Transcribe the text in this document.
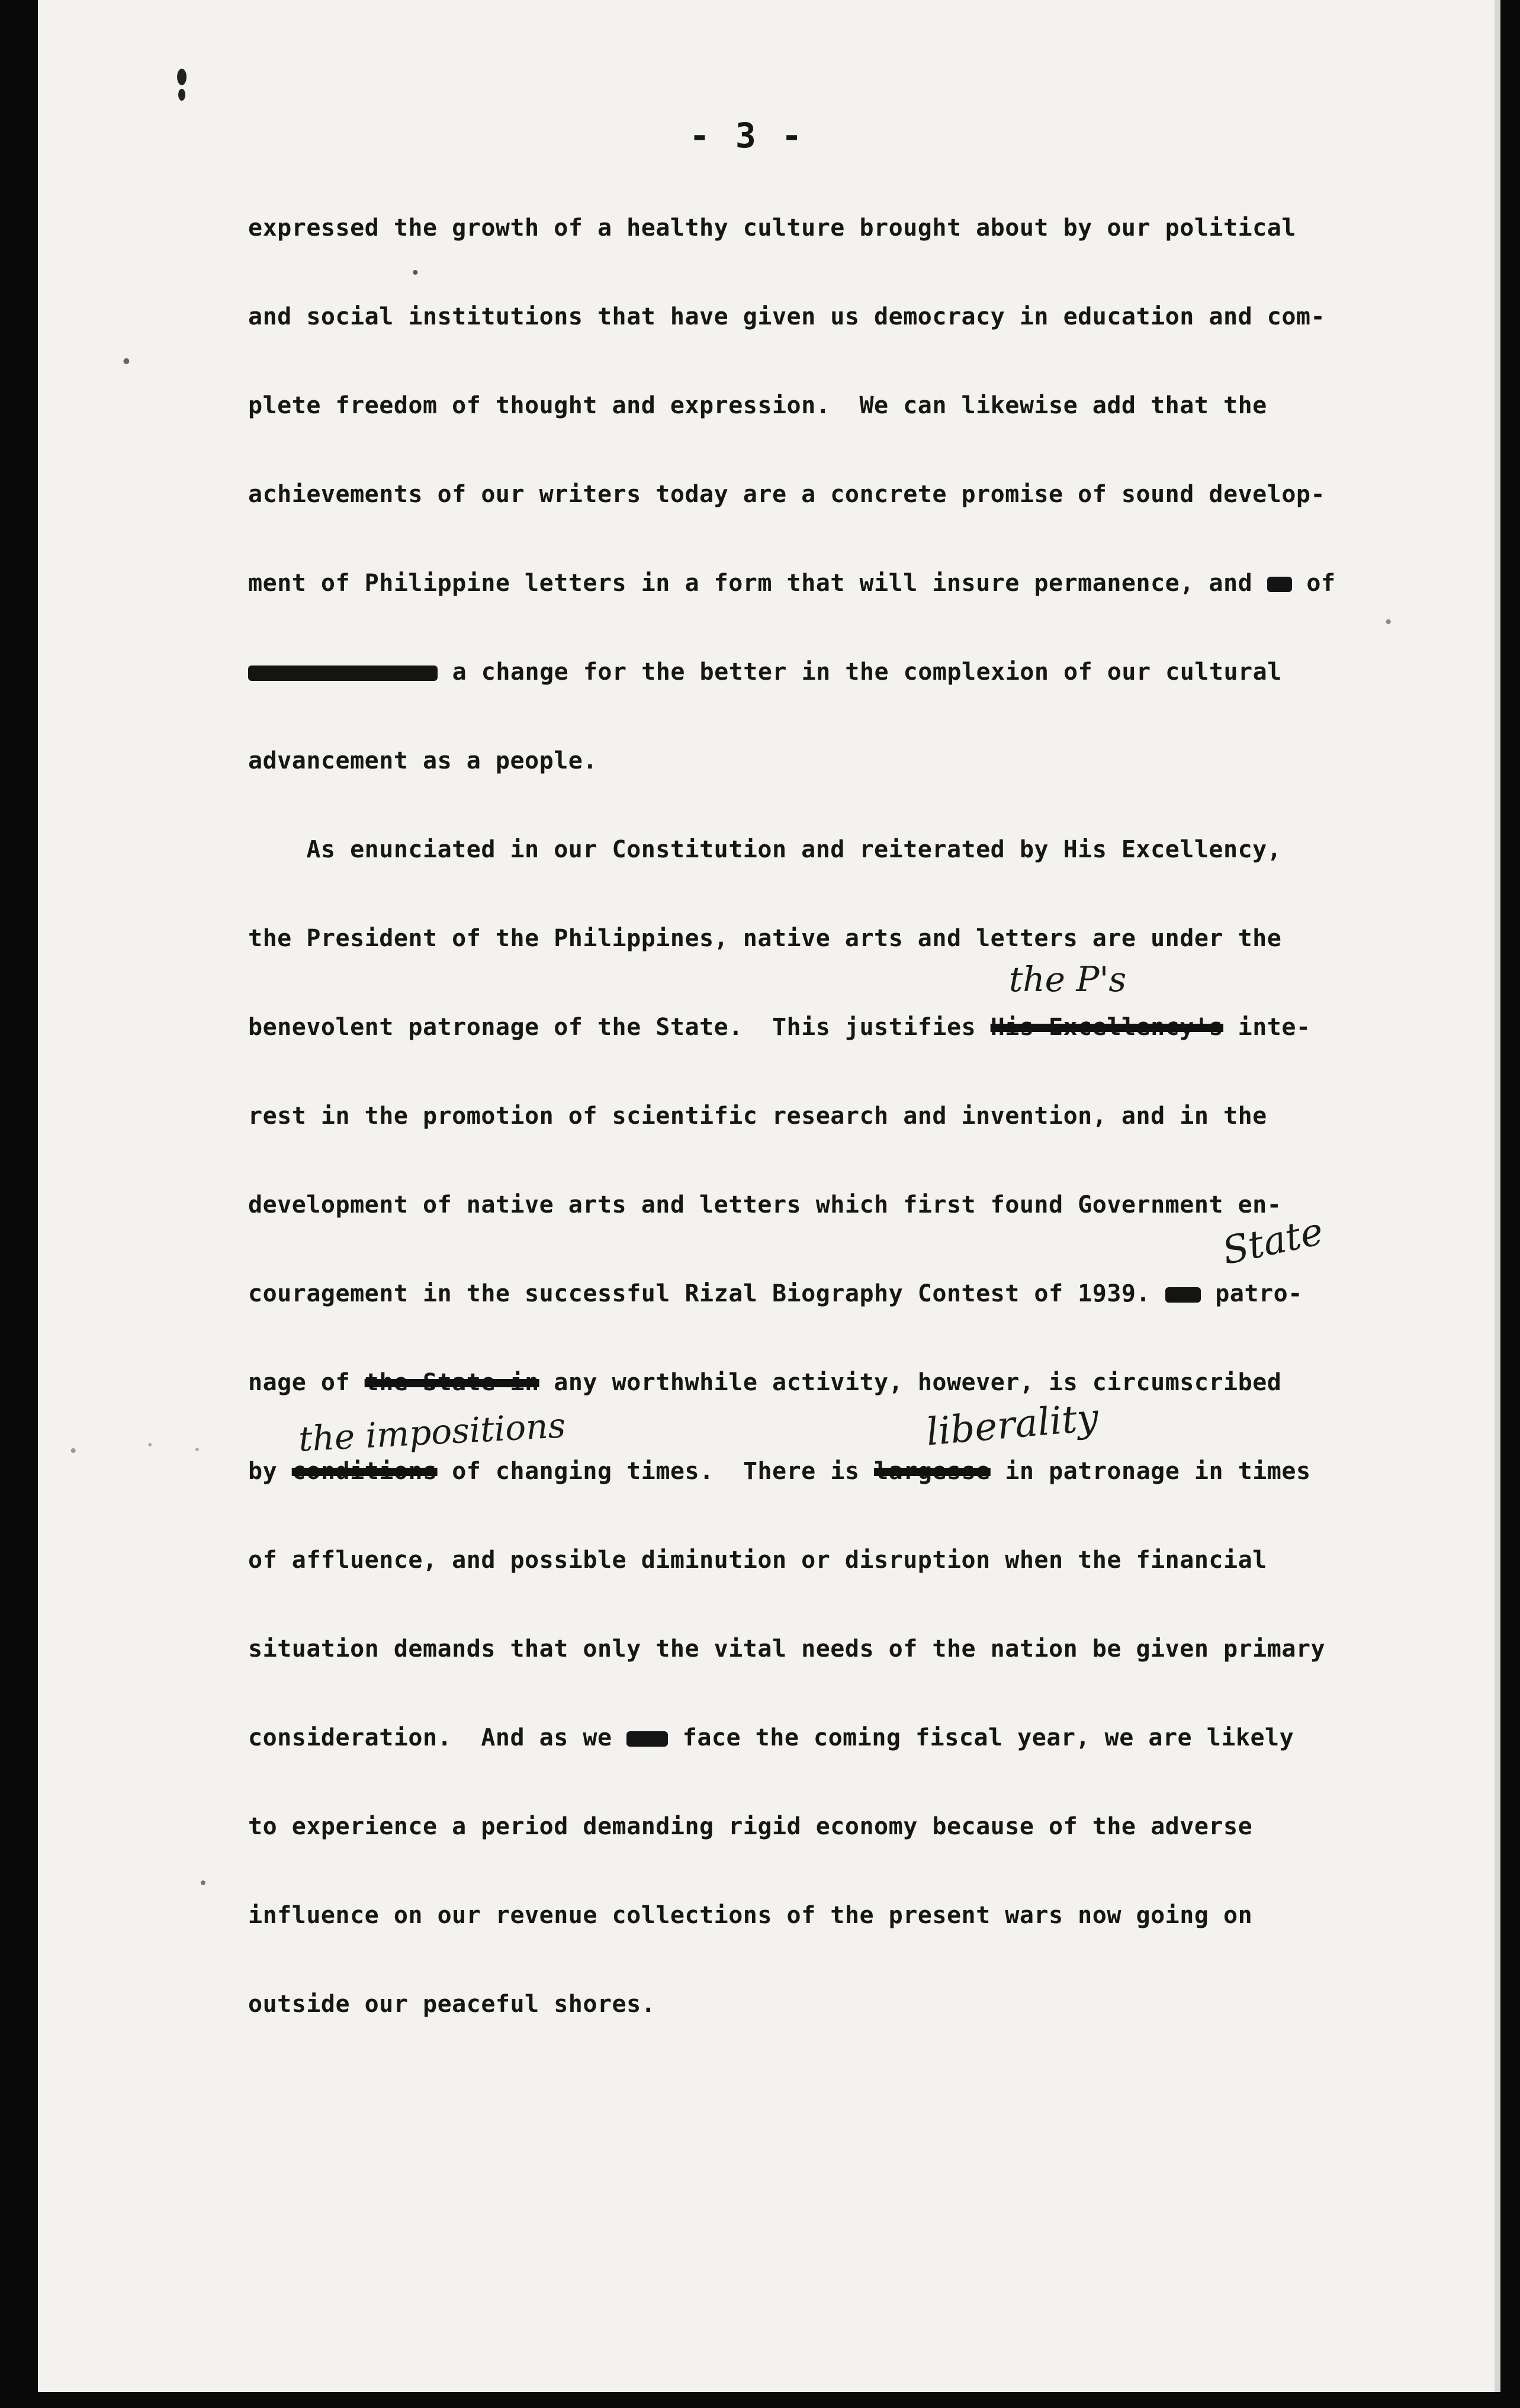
- 3 -
expressed the growth of a healthy culture brought about by our political
and social institutions that have given us democracy in education and com-
plete freedom of thought and expression.  We can likewise add that the
achievements of our writers today are a concrete promise of sound develop-
ment of Philippine letters in a form that will insure permanence, and of
a change for the better in the complexion of our cultural
advancement as a people.
As enunciated in our Constitution and reiterated by His Excellency,
the President of the Philippines, native arts and letters are under the
benevolent patronage of the State.  This justifies His Excellency's inte-
rest in the promotion of scientific research and invention, and in the
development of native arts and letters which first found Government en-
couragement in the successful Rizal Biography Contest of 1939.	patro-
nage of the State in any worthwhile activity, however, is circumscribed
by conditions of changing times.  There is largesse in patronage in times
of affluence, and possible diminution or disruption when the financial
situation demands that only the vital needs of the nation be given primary
consideration.  And as we	face the coming fiscal year, we are likely
to experience a period demanding rigid economy because of the adverse
influence on our revenue collections of the present wars now going on
outside our peaceful shores.
the P's
State
the impositions	liberality
